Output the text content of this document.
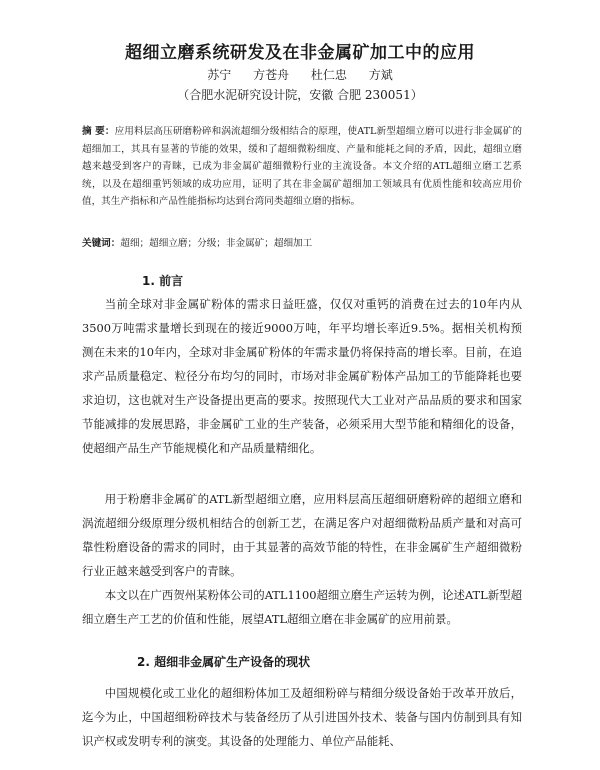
超细立磨系统研发及在非金属矿加工中的应用
苏宁 方苍舟 杜仁忠 方斌
（合肥水泥研究设计院，安徽 合肥 230051）
摘 要：应用料层高压研磨粉碎和涡流超细分级相结合的原理，使ATL新型超细立磨可以进行非金属矿的超细加工，其具有显著的节能的效果，缓和了超细微粉细度、产量和能耗之间的矛盾，因此，超细立磨越来越受到客户的青睐，已成为非金属矿超细微粉行业的主流设备。本文介绍的ATL超细立磨工艺系统，以及在超细重钙领域的成功应用，证明了其在非金属矿超细加工领域具有优质性能和较高应用价值，其生产指标和产品性能指标均达到台湾同类超细立磨的指标。
关键词：超细；超细立磨；分级；非金属矿；超细加工
1. 前言

当前全球对非金属矿粉体的需求日益旺盛，仅仅对重钙的消费在过去的10年内从3500万吨需求量增长到现在的接近9000万吨，年平均增长率近9.5%。据相关机构预测在未来的10年内，全球对非金属矿粉体的年需求量仍将保持高的增长率。目前，在追求产品质量稳定、粒径分布均匀的同时，市场对非金属矿粉体产品加工的节能降耗也要求迫切，这也就对生产设备提出更高的要求。按照现代大工业对产品品质的要求和国家节能减排的发展思路，非金属矿工业的生产装备，必须采用大型节能和精细化的设备，使超细产品生产节能规模化和产品质量精细化。

用于粉磨非金属矿的ATL新型超细立磨，应用料层高压超细研磨粉碎的超细立磨和涡流超细分级原理分级机相结合的创新工艺，在满足客户对超细微粉品质产量和对高可靠性粉磨设备的需求的同时，由于其显著的高效节能的特性，在非金属矿生产超细微粉行业正越来越受到客户的青睐。

本文以在广西贺州某粉体公司的ATL1100超细立磨生产运转为例，论述ATL新型超细立磨生产工艺的价值和性能，展望ATL超细立磨在非金属矿的应用前景。

2. 超细非金属矿生产设备的现状

中国规模化或工业化的超细粉体加工及超细粉碎与精细分级设备始于改革开放后，迄今为止，中国超细粉碎技术与装备经历了从引进国外技术、装备与国内仿制到具有知识产权或发明专利的演变。其设备的处理能力、单位产品能耗、
